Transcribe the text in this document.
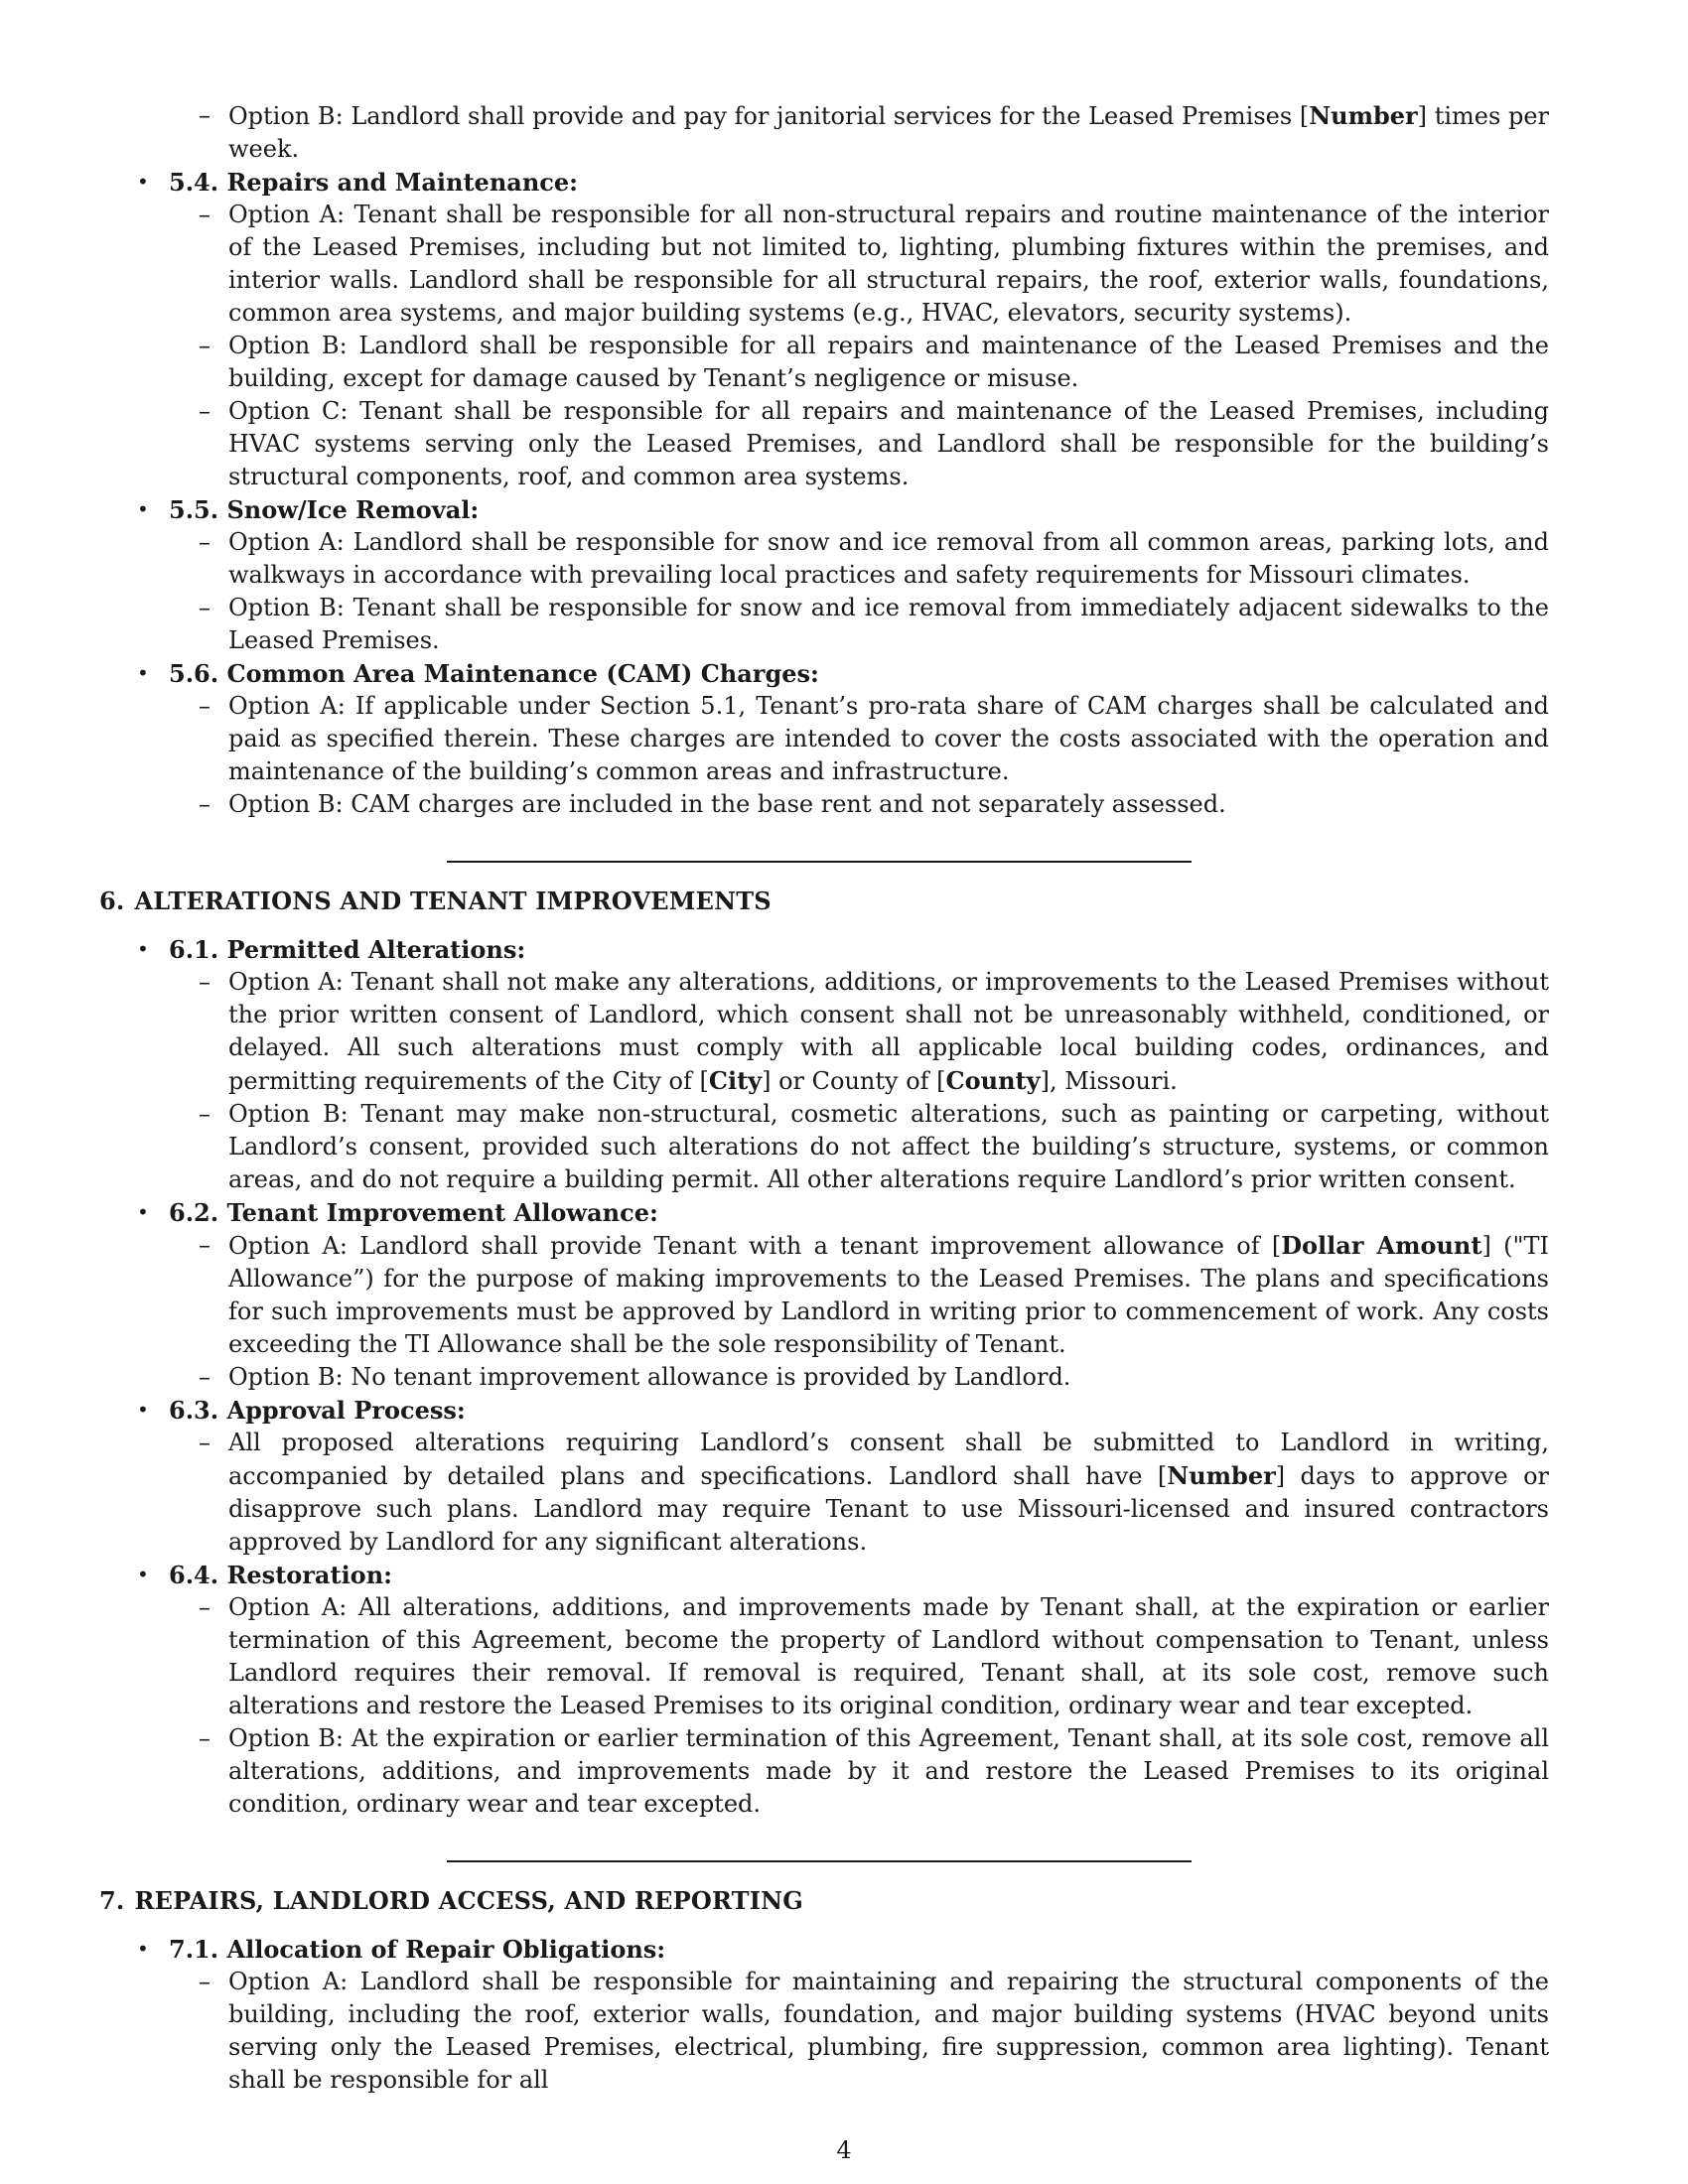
– Option B: Landlord shall provide and pay for janitorial services for the Leased Premises [Number] times per week.
• 5.4. Repairs and Maintenance:
– Option A: Tenant shall be responsible for all non-structural repairs and routine maintenance of the interior of the Leased Premises, including but not limited to, lighting, plumbing fixtures within the premises, and interior walls. Landlord shall be responsible for all structural repairs, the roof, exterior walls, foundations, common area systems, and major building systems (e.g., HVAC, elevators, security systems).
– Option B: Landlord shall be responsible for all repairs and maintenance of the Leased Premises and the building, except for damage caused by Tenant’s negligence or misuse.
– Option C: Tenant shall be responsible for all repairs and maintenance of the Leased Premises, including HVAC systems serving only the Leased Premises, and Landlord shall be responsible for the building’s structural components, roof, and common area systems.
• 5.5. Snow/Ice Removal:
– Option A: Landlord shall be responsible for snow and ice removal from all common areas, parking lots, and walkways in accordance with prevailing local practices and safety requirements for Missouri climates.
– Option B: Tenant shall be responsible for snow and ice removal from immediately adjacent sidewalks to the Leased Premises.
• 5.6. Common Area Maintenance (CAM) Charges:
– Option A: If applicable under Section 5.1, Tenant’s pro-rata share of CAM charges shall be calculated and paid as specified therein. These charges are intended to cover the costs associated with the operation and maintenance of the building’s common areas and infrastructure.
– Option B: CAM charges are included in the base rent and not separately assessed.
6. ALTERATIONS AND TENANT IMPROVEMENTS
• 6.1. Permitted Alterations:
– Option A: Tenant shall not make any alterations, additions, or improvements to the Leased Premises without the prior written consent of Landlord, which consent shall not be unreasonably withheld, conditioned, or delayed. All such alterations must comply with all applicable local building codes, ordinances, and permitting requirements of the City of [City] or County of [County], Missouri.
– Option B: Tenant may make non-structural, cosmetic alterations, such as painting or carpeting, without Landlord’s consent, provided such alterations do not affect the building’s structure, systems, or common areas, and do not require a building permit. All other alterations require Landlord’s prior written consent.
• 6.2. Tenant Improvement Allowance:
– Option A: Landlord shall provide Tenant with a tenant improvement allowance of [Dollar Amount] ("TI Allowance”) for the purpose of making improvements to the Leased Premises. The plans and specifications for such improvements must be approved by Landlord in writing prior to commencement of work. Any costs exceeding the TI Allowance shall be the sole responsibility of Tenant.
– Option B: No tenant improvement allowance is provided by Landlord.
• 6.3. Approval Process:
– All proposed alterations requiring Landlord’s consent shall be submitted to Landlord in writing, accompanied by detailed plans and specifications. Landlord shall have [Number] days to approve or disapprove such plans. Landlord may require Tenant to use Missouri-licensed and insured contractors approved by Landlord for any significant alterations.
• 6.4. Restoration:
– Option A: All alterations, additions, and improvements made by Tenant shall, at the expiration or earlier termination of this Agreement, become the property of Landlord without compensation to Tenant, unless Landlord requires their removal. If removal is required, Tenant shall, at its sole cost, remove such alterations and restore the Leased Premises to its original condition, ordinary wear and tear excepted.
– Option B: At the expiration or earlier termination of this Agreement, Tenant shall, at its sole cost, remove all alterations, additions, and improvements made by it and restore the Leased Premises to its original condition, ordinary wear and tear excepted.
7. REPAIRS, LANDLORD ACCESS, AND REPORTING
• 7.1. Allocation of Repair Obligations:
– Option A: Landlord shall be responsible for maintaining and repairing the structural components of the building, including the roof, exterior walls, foundation, and major building systems (HVAC beyond units serving only the Leased Premises, electrical, plumbing, fire suppression, common area lighting). Tenant shall be responsible for all
4
